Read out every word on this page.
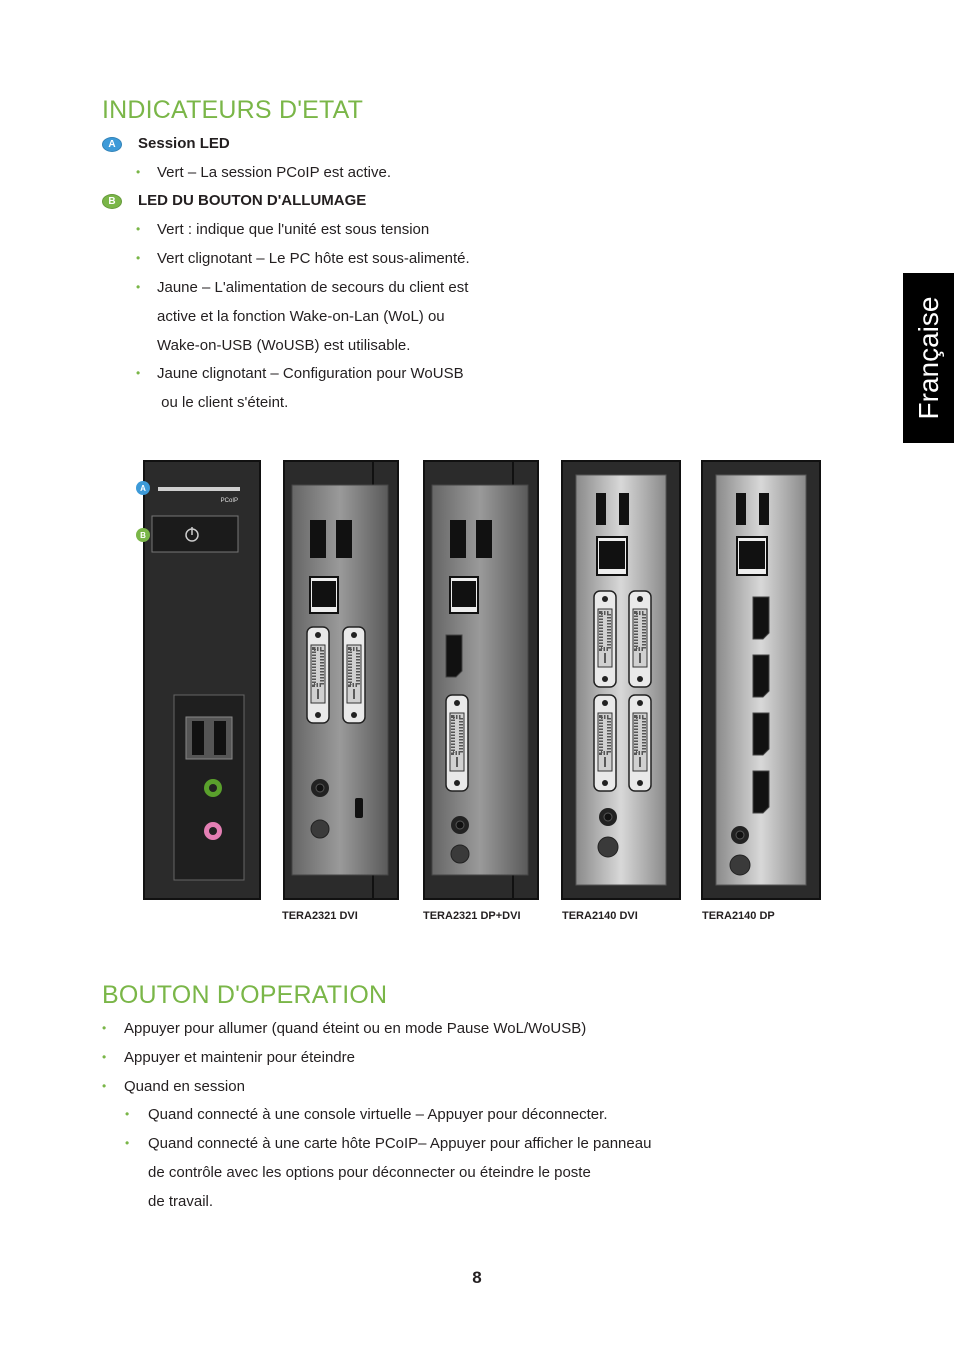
Française
INDICATEURS D'ETAT
A	Session LED
• Vert – La session PCoIP est active.
B	LED DU BOUTON D'ALLUMAGE
• Vert : indique que l'unité est sous tension
• Vert clignotant – Le PC hôte est sous-alimenté.
• Jaune – L'alimentation de secours du client est
active et la fonction Wake-on-Lan (WoL) ou
Wake-on-USB (WoUSB) est utilisable.
• Jaune clignotant – Configuration pour WoUSB
ou le client s'éteint.
PCoIP
A
B
TERA2321 DVI	TERA2321 DP+DVI	TERA2140 DVI	TERA2140 DP
BOUTON D'OPERATION
• Appuyer pour allumer (quand éteint ou en mode Pause WoL/WoUSB)
• Appuyer et maintenir pour éteindre
• Quand en session
• Quand connecté à une console virtuelle – Appuyer pour déconnecter.
• Quand connecté à une carte hôte PCoIP– Appuyer pour afficher le panneau
de contrôle avec les options pour déconnecter ou éteindre le poste
de travail.
8
